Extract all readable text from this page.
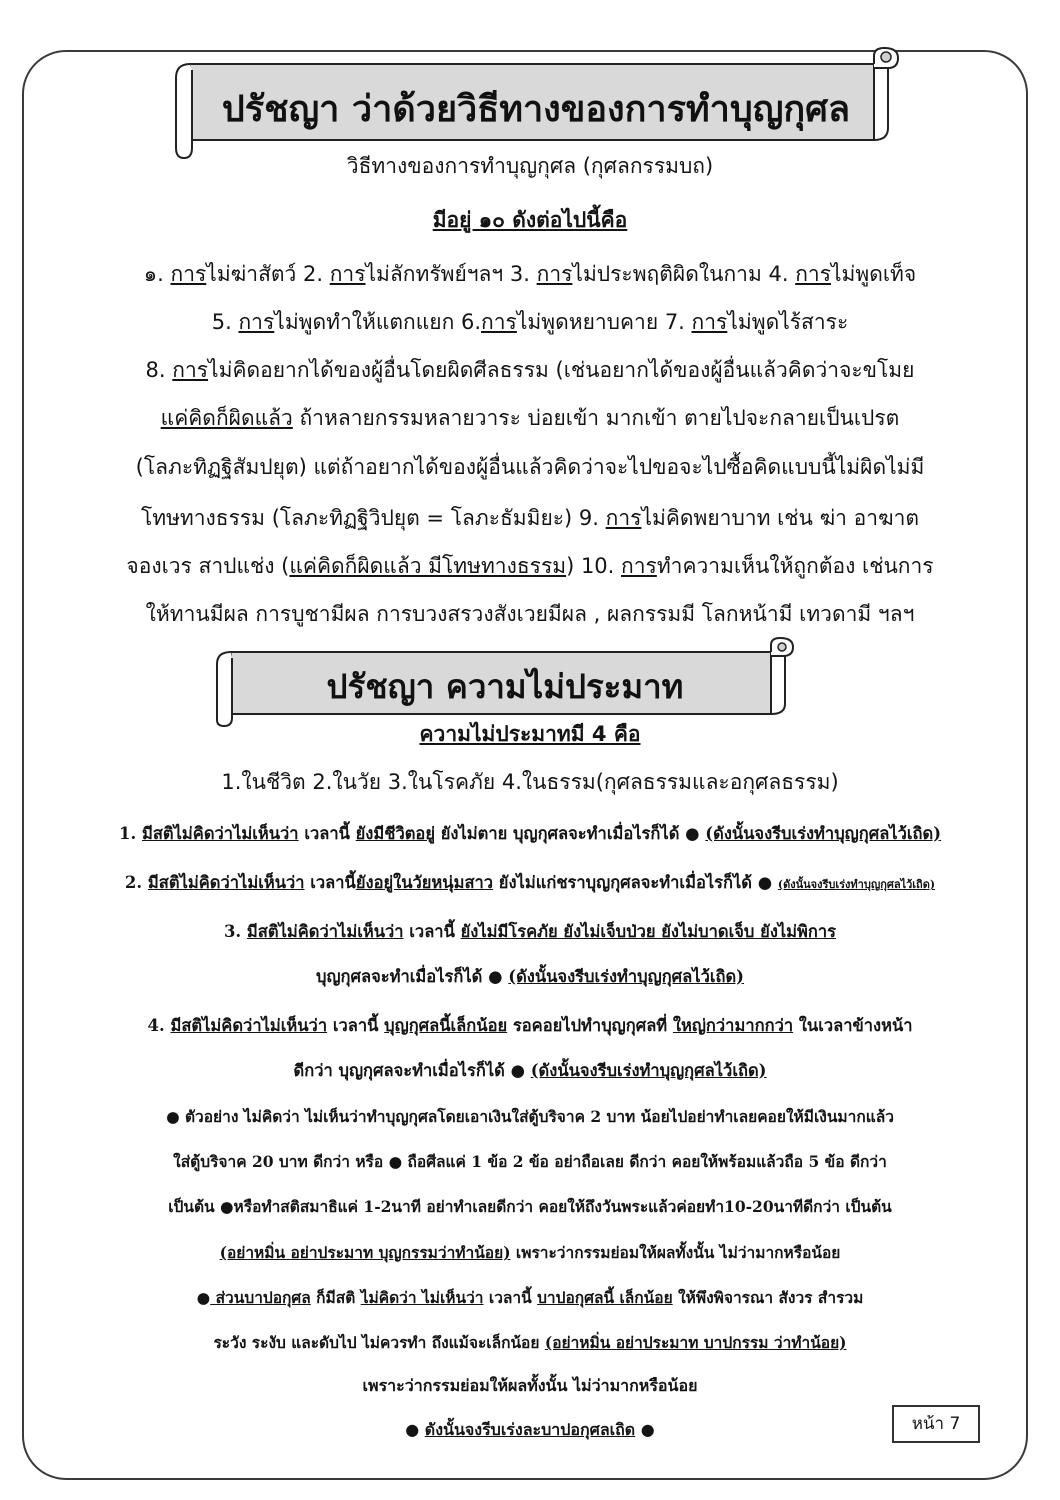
ปรัชญา ว่าด้วยวิธีทางของการทำบุญกุศล
วิธีทางของการทำบุญกุศล (กุศลกรรมบถ)
มีอยู่ ๑๐ ดังต่อไปนี้คือ
๑. การไม่ฆ่าสัตว์ 2. การไม่ลักทรัพย์ฯลฯ 3. การไม่ประพฤติผิดในกาม 4. การไม่พูดเท็จ
5. การไม่พูดทำให้แตกแยก 6.การไม่พูดหยาบคาย 7. การไม่พูดไร้สาระ
8. การไม่คิดอยากได้ของผู้อื่นโดยผิดศีลธรรม (เช่นอยากได้ของผู้อื่นแล้วคิดว่าจะขโมย
แค่คิดก็ผิดแล้ว ถ้าหลายกรรมหลายวาระ บ่อยเข้า มากเข้า ตายไปจะกลายเป็นเปรต
(โลภะทิฏฐิสัมปยุต) แต่ถ้าอยากได้ของผู้อื่นแล้วคิดว่าจะไปขอจะไปซื้อคิดแบบนี้ไม่ผิดไม่มี
โทษทางธรรม (โลภะทิฏฐิวิปยุต = โลภะธัมมิยะ) 9. การไม่คิดพยาบาท เช่น ฆ่า อาฆาต
จองเวร สาปแช่ง (แค่คิดก็ผิดแล้ว มีโทษทางธรรม) 10. การทำความเห็นให้ถูกต้อง เช่นการ
ให้ทานมีผล การบูชามีผล การบวงสรวงสังเวยมีผล , ผลกรรมมี โลกหน้ามี เทวดามี ฯลฯ
ปรัชญา ความไม่ประมาท
ความไม่ประมาทมี 4 คือ
1.ในชีวิต 2.ในวัย 3.ในโรคภัย 4.ในธรรม(กุศลธรรมและอกุศลธรรม)
1. มีสติไม่คิดว่าไม่เห็นว่า เวลานี้ ยังมีชีวิตอยู่ ยังไม่ตาย บุญกุศลจะทำเมื่อไรก็ได้ ● (ดังนั้นจงรีบเร่งทำบุญกุศลไว้เถิด)
2. มีสติไม่คิดว่าไม่เห็นว่า เวลานี้ยังอยู่ในวัยหนุ่มสาว ยังไม่แก่ชราบุญกุศลจะทำเมื่อไรก็ได้ ● (ดังนั้นจงรีบเร่งทำบุญกุศลไว้เถิด)
3. มีสติไม่คิดว่าไม่เห็นว่า เวลานี้ ยังไม่มีโรคภัย ยังไม่เจ็บป่วย ยังไม่บาดเจ็บ ยังไม่พิการ
บุญกุศลจะทำเมื่อไรก็ได้ ● (ดังนั้นจงรีบเร่งทำบุญกุศลไว้เถิด)
4. มีสติไม่คิดว่าไม่เห็นว่า เวลานี้ บุญกุศลนี้เล็กน้อย รอคอยไปทำบุญกุศลที่ ใหญ่กว่ามากกว่า ในเวลาข้างหน้า
ดีกว่า บุญกุศลจะทำเมื่อไรก็ได้ ● (ดังนั้นจงรีบเร่งทำบุญกุศลไว้เถิด)
● ตัวอย่าง ไม่คิดว่า ไม่เห็นว่าทำบุญกุศลโดยเอาเงินใส่ตู้บริจาค 2 บาท น้อยไปอย่าทำเลยคอยให้มีเงินมากแล้ว
ใส่ตู้บริจาค 20 บาท ดีกว่า หรือ ● ถือศีลแค่ 1 ข้อ 2 ข้อ อย่าถือเลย ดีกว่า คอยให้พร้อมแล้วถือ 5 ข้อ ดีกว่า
เป็นต้น ●หรือทำสติสมาธิแค่ 1-2นาที อย่าทำเลยดีกว่า คอยให้ถึงวันพระแล้วค่อยทำ10-20นาทีดีกว่า เป็นต้น
(อย่าหมิ่น อย่าประมาท บุญกรรมว่าทำน้อย) เพราะว่ากรรมย่อมให้ผลทั้งนั้น ไม่ว่ามากหรือน้อย
● ส่วนบาปอกุศล ก็มีสติ ไม่คิดว่า ไม่เห็นว่า เวลานี้ บาปอกุศลนี้ เล็กน้อย ให้พึงพิจารณา สังวร สำรวม
ระวัง ระงับ และดับไป ไม่ควรทำ ถึงแม้จะเล็กน้อย (อย่าหมิ่น อย่าประมาท บาปกรรม ว่าทำน้อย)
เพราะว่ากรรมย่อมให้ผลทั้งนั้น ไม่ว่ามากหรือน้อย
● ดังนั้นจงรีบเร่งละบาปอกุศลเถิด ●	หน้า 7
